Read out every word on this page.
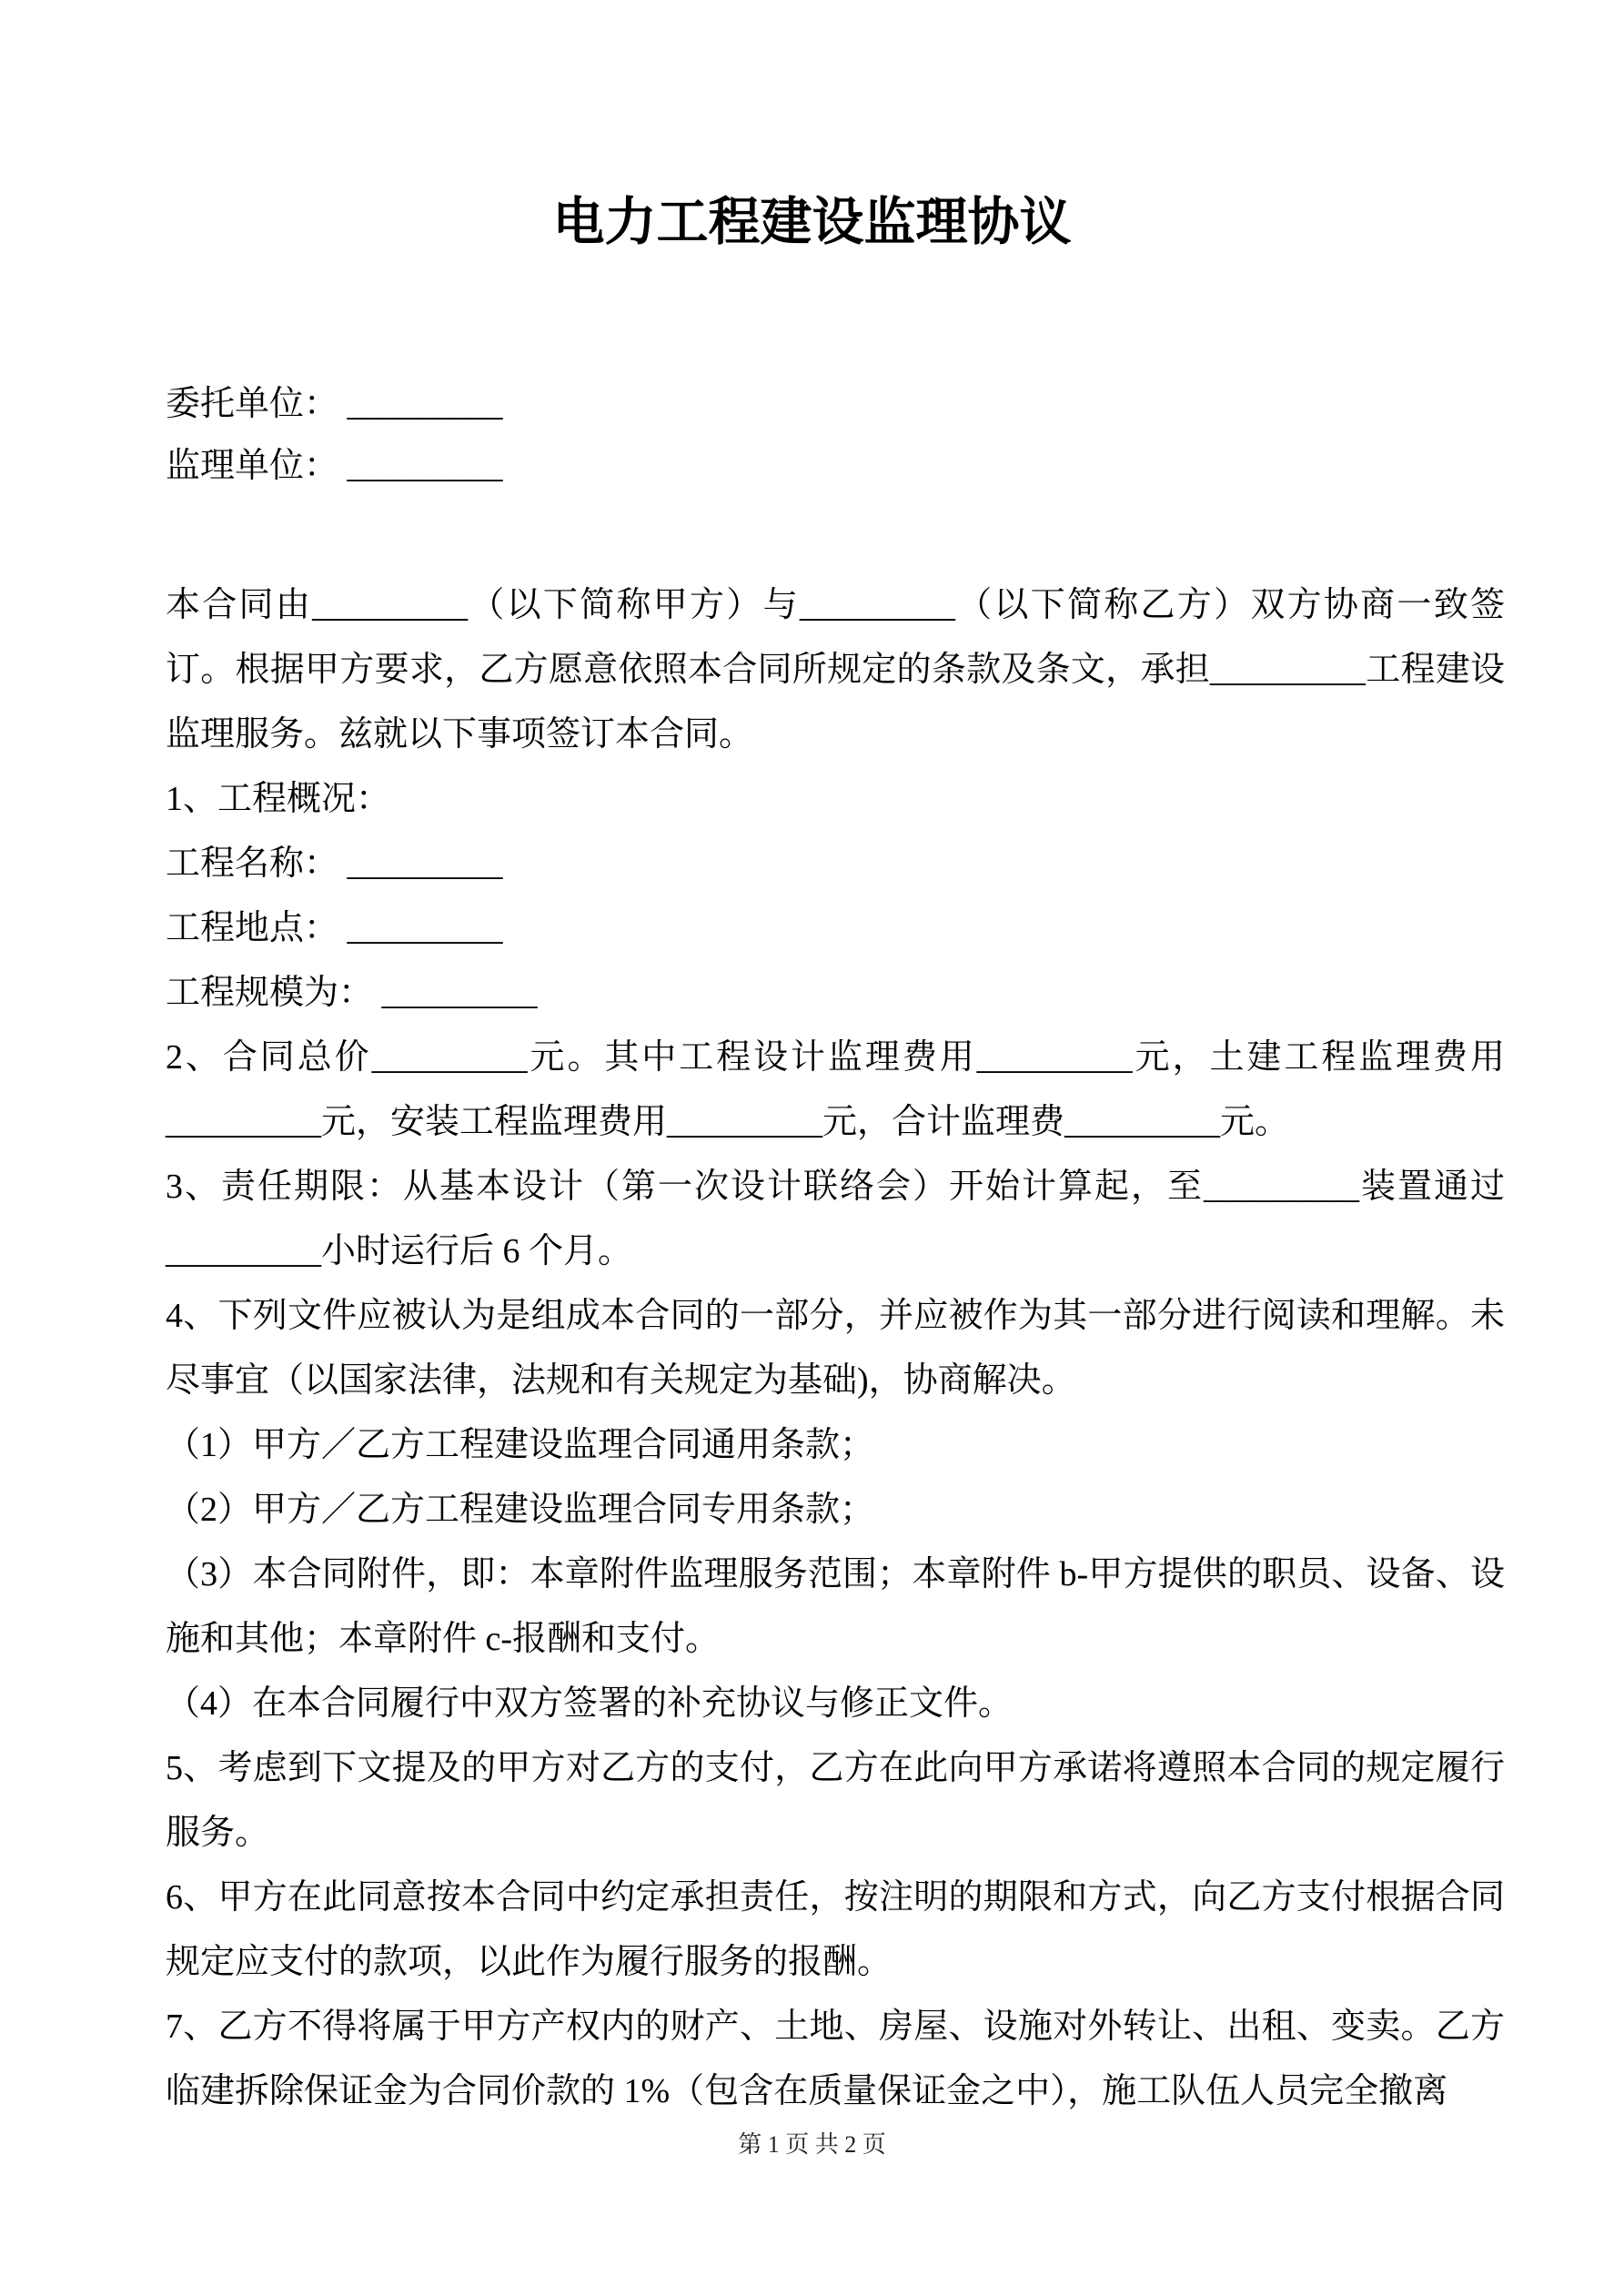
电力工程建设监理协议

委托单位： _________

监理单位： _________

本合同由_________（以下简称甲方）与_________（以下简称乙方）双方协商一致签订。根据甲方要求，乙方愿意依照本合同所规定的条款及条文，承担_________工程建设监理服务。兹就以下事项签订本合同。

1、工程概况：

工程名称： _________

工程地点： _________

工程规模为： _________

2、合同总价_________元。其中工程设计监理费用_________元，土建工程监理费用_________元，安装工程监理费用_________元，合计监理费_________元。

3、责任期限：从基本设计（第一次设计联络会）开始计算起，至_________装置通过_________小时运行后 6 个月。

4、下列文件应被认为是组成本合同的一部分，并应被作为其一部分进行阅读和理解。未尽事宜（以国家法律，法规和有关规定为基础)，协商解决。

（1）甲方／乙方工程建设监理合同通用条款；

（2）甲方／乙方工程建设监理合同专用条款；

（3）本合同附件，即：本章附件监理服务范围；本章附件 b-甲方提供的职员、设备、设施和其他；本章附件 c-报酬和支付。

（4）在本合同履行中双方签署的补充协议与修正文件。

5、考虑到下文提及的甲方对乙方的支付，乙方在此向甲方承诺将遵照本合同的规定履行服务。

6、甲方在此同意按本合同中约定承担责任，按注明的期限和方式，向乙方支付根据合同规定应支付的款项，以此作为履行服务的报酬。

7、乙方不得将属于甲方产权内的财产、土地、房屋、设施对外转让、出租、变卖。乙方临建拆除保证金为合同价款的 1%（包含在质量保证金之中），施工队伍人员完全撤离

第 1 页 共 2 页
